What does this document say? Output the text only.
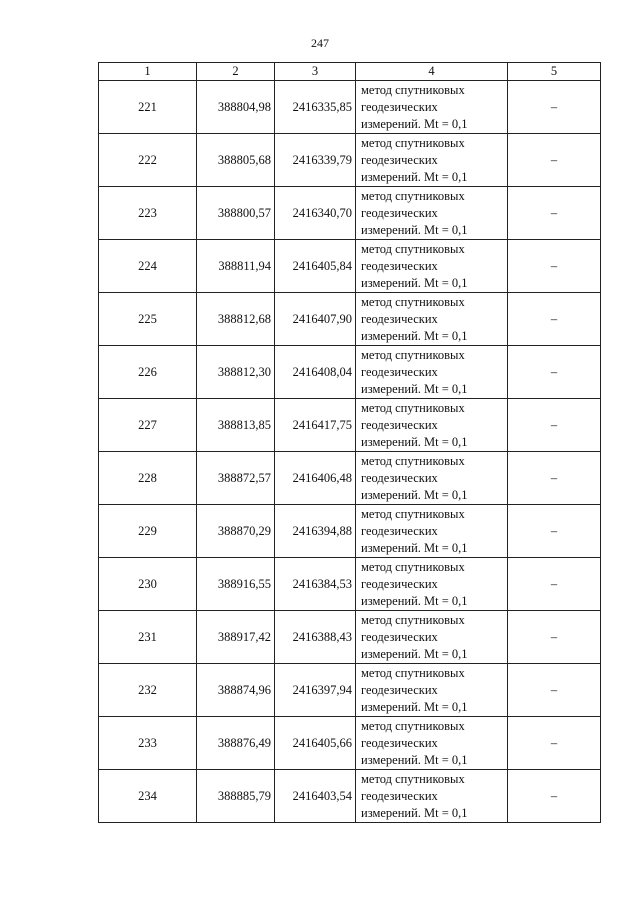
247
1	2	3	4	5
221	388804,98	2416335,85	метод спутниковых
геодезических
измерений. Mt = 0,1	–
222	388805,68	2416339,79	метод спутниковых
геодезических
измерений. Mt = 0,1	–
223	388800,57	2416340,70	метод спутниковых
геодезических
измерений. Mt = 0,1	–
224	388811,94	2416405,84	метод спутниковых
геодезических
измерений. Mt = 0,1	–
225	388812,68	2416407,90	метод спутниковых
геодезических
измерений. Mt = 0,1	–
226	388812,30	2416408,04	метод спутниковых
геодезических
измерений. Mt = 0,1	–
227	388813,85	2416417,75	метод спутниковых
геодезических
измерений. Mt = 0,1	–
228	388872,57	2416406,48	метод спутниковых
геодезических
измерений. Mt = 0,1	–
229	388870,29	2416394,88	метод спутниковых
геодезических
измерений. Mt = 0,1	–
230	388916,55	2416384,53	метод спутниковых
геодезических
измерений. Mt = 0,1	–
231	388917,42	2416388,43	метод спутниковых
геодезических
измерений. Mt = 0,1	–
232	388874,96	2416397,94	метод спутниковых
геодезических
измерений. Mt = 0,1	–
233	388876,49	2416405,66	метод спутниковых
геодезических
измерений. Mt = 0,1	–
234	388885,79	2416403,54	метод спутниковых
геодезических
измерений. Mt = 0,1	–
